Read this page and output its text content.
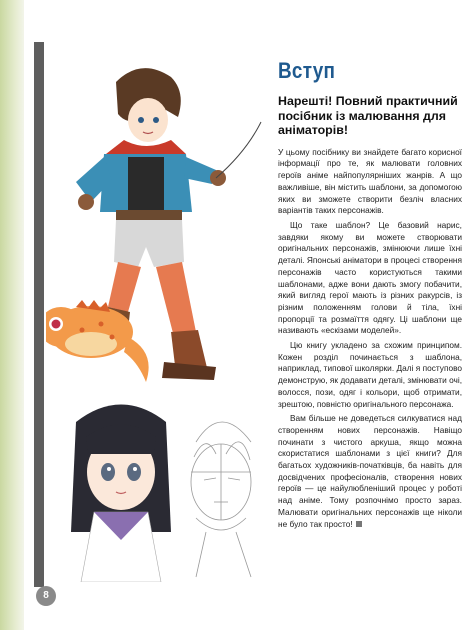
Вступ
Нарешті! Повний практичний посібник із малювання для аніматорів!

У цьому посібнику ви знайдете багато корисної інформації про те, як малювати головних героїв аніме найпопулярніших жанрів. А що важливіше, він містить шаблони, за допомогою яких ви зможете створити безліч власних варіантів таких персонажів.

Що таке шаблон? Це базовий нарис, завдяки якому ви можете створювати оригінальних персонажів, змінюючи лише їхні деталі. Японські аніматори в процесі створення персонажів часто користуються такими шаблонами, адже вони дають змогу побачити, який вигляд герої мають із різних ракурсів, із різним положенням голови й тіла, їхні пропорції та розмаїття одягу. Ці шаблони ще називають «ескізами моделей».

Цю книгу укладено за схожим принципом. Кожен розділ починається з шаблона, наприклад, типової школярки. Далі я поступово демонструю, як додавати деталі, змінювати очі, волосся, пози, одяг і кольори, щоб отримати, зрештою, повністю оригінального персонажа.

Вам більше не доведеться силкуватися над створенням нових персонажів. Навіщо починати з чистого аркуша, якщо можна скористатися шаблонами з цієї книги? Для багатьох художників-початківців, ба навіть для досвідчених професіоналів, створення нових героїв — це найулюбленіший процес у роботі над аніме. Тому розпочнімо просто зараз. Малювати оригінальних персонажів ще ніколи не було так просто!

8
